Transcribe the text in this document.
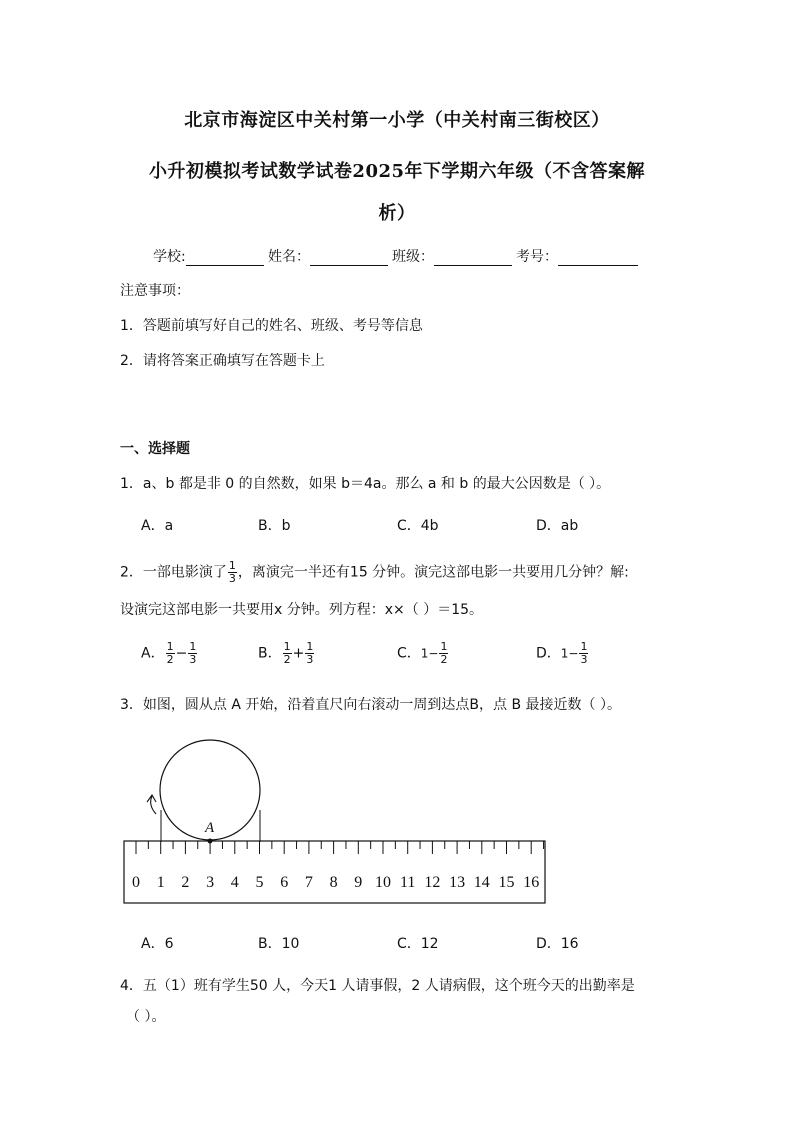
北京市海淀区中关村第一小学（中关村南三街校区）
小升初模拟考试数学试卷2025年下学期六年级（不含答案解
析）
学校:	姓名：	班级：	考号：
注意事项：
1．答题前填写好自己的姓名、班级、考号等信息
2．请将答案正确填写在答题卡上
一、选择题
1．a、b 都是非 0 的自然数，如果 b＝4a。那么 a 和 b 的最大公因数是（ ）。
A．a	B．b	C．4b	D．ab
2．一部电影演了 $\frac{1}{3}$ ，离演完一半还有15 分钟。演完这部电影一共要用几分钟？解:
设演完这部电影一共要用x 分钟。列方程：x×（ ）＝15。
A． $\frac{1}{2} - \frac{1}{3}$	B． $\frac{1}{2} + \frac{1}{3}$	C．$1- \frac{1}{2}$	D．$1- \frac{1}{3}$
3．如图，圆从点 A 开始，沿着直尺向右滚动一周到达点B，点 B 最接近数（ ）。
A
0 1 2 3 4 5 6 7 8 9 10 11 12 13 14 15 16
A．6	B．10	C．12	D．16
4．五（1）班有学生50 人，今天1 人请事假，2 人请病假，这个班今天的出勤率是
（ ）。
